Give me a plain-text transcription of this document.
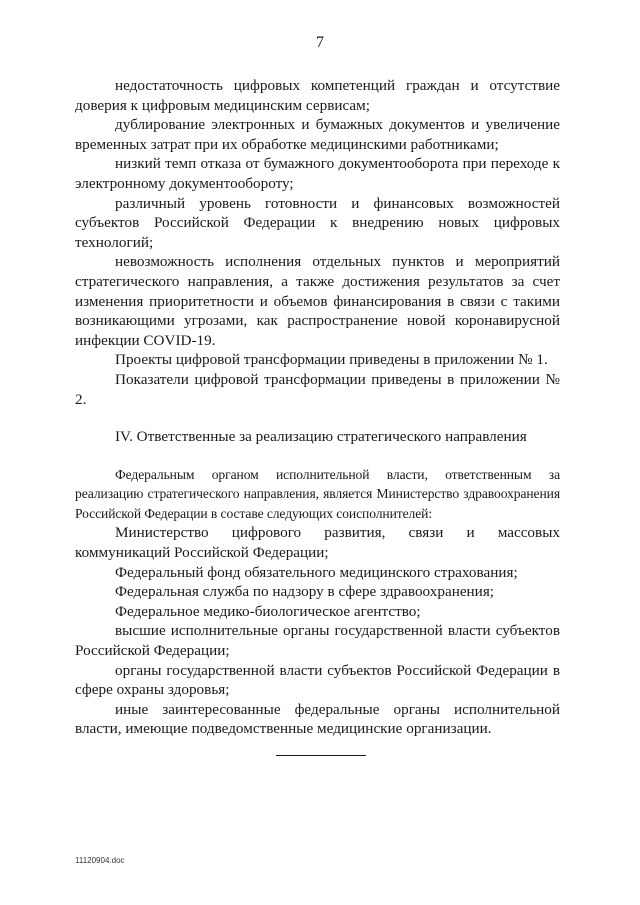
7

недостаточность цифровых компетенций граждан и отсутствие доверия к цифровым медицинским сервисам;

дублирование электронных и бумажных документов и увеличение временных затрат при их обработке медицинскими работниками;

низкий темп отказа от бумажного документооборота при переходе к электронному документообороту;

различный уровень готовности и финансовых возможностей субъектов Российской Федерации к внедрению новых цифровых технологий;

невозможность исполнения отдельных пунктов и мероприятий стратегического направления, а также достижения результатов за счет изменения приоритетности и объемов финансирования в связи с такими возникающими угрозами, как распространение новой коронавирусной инфекции COVID-19.

Проекты цифровой трансформации приведены в приложении № 1.

Показатели цифровой трансформации приведены в приложении № 2.

IV. Ответственные за реализацию стратегического направления

Федеральным органом исполнительной власти, ответственным за реализацию стратегического направления, является Министерство здравоохранения Российской Федерации в составе следующих соисполнителей:

Министерство цифрового развития, связи и массовых коммуникаций Российской Федерации;

Федеральный фонд обязательного медицинского страхования;

Федеральная служба по надзору в сфере здравоохранения;

Федеральное медико-биологическое агентство;

высшие исполнительные органы государственной власти субъектов Российской Федерации;

органы государственной власти субъектов Российской Федерации в сфере охраны здоровья;

иные заинтересованные федеральные органы исполнительной власти, имеющие подведомственные медицинские организации.

11120904.doc
